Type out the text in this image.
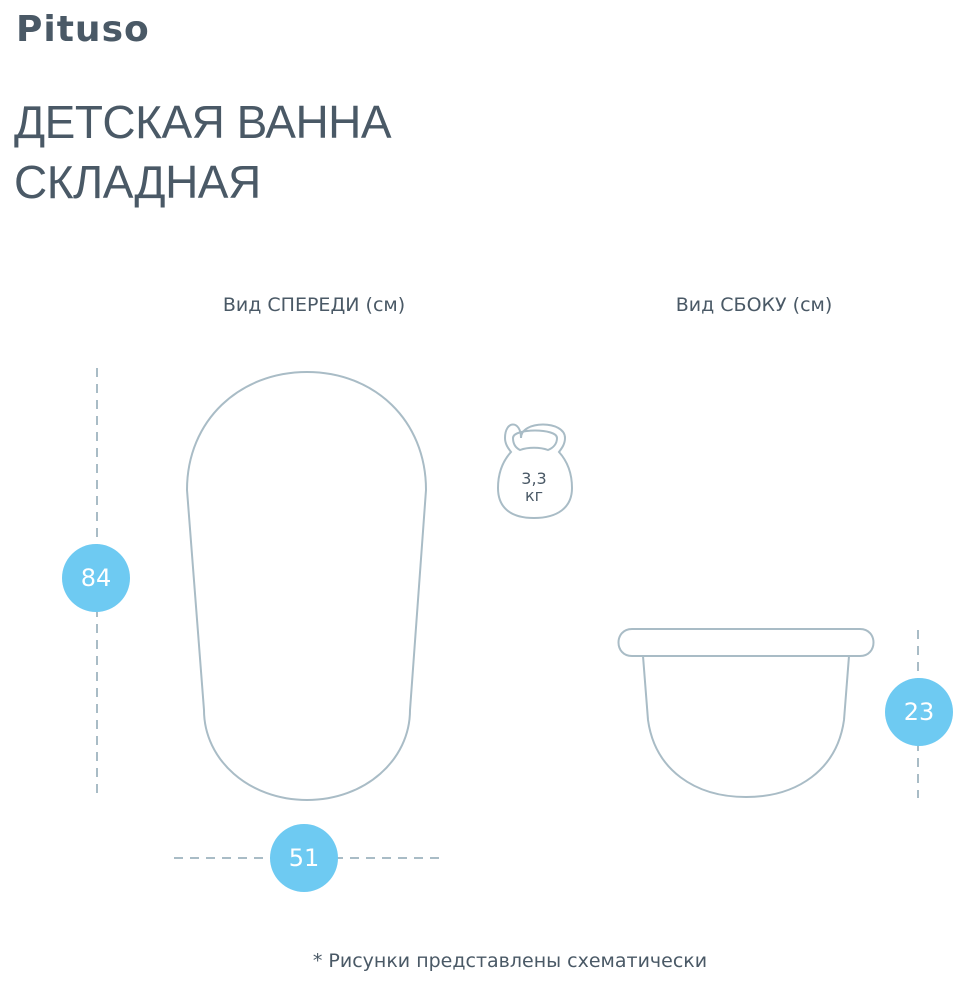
Pituso
ДЕТСКАЯ ВАННА
СКЛАДНАЯ
Вид СПЕРЕДИ (см)	Вид СБОКУ (см)
3,3
кг
84
51
23
* Рисунки представлены схематически
